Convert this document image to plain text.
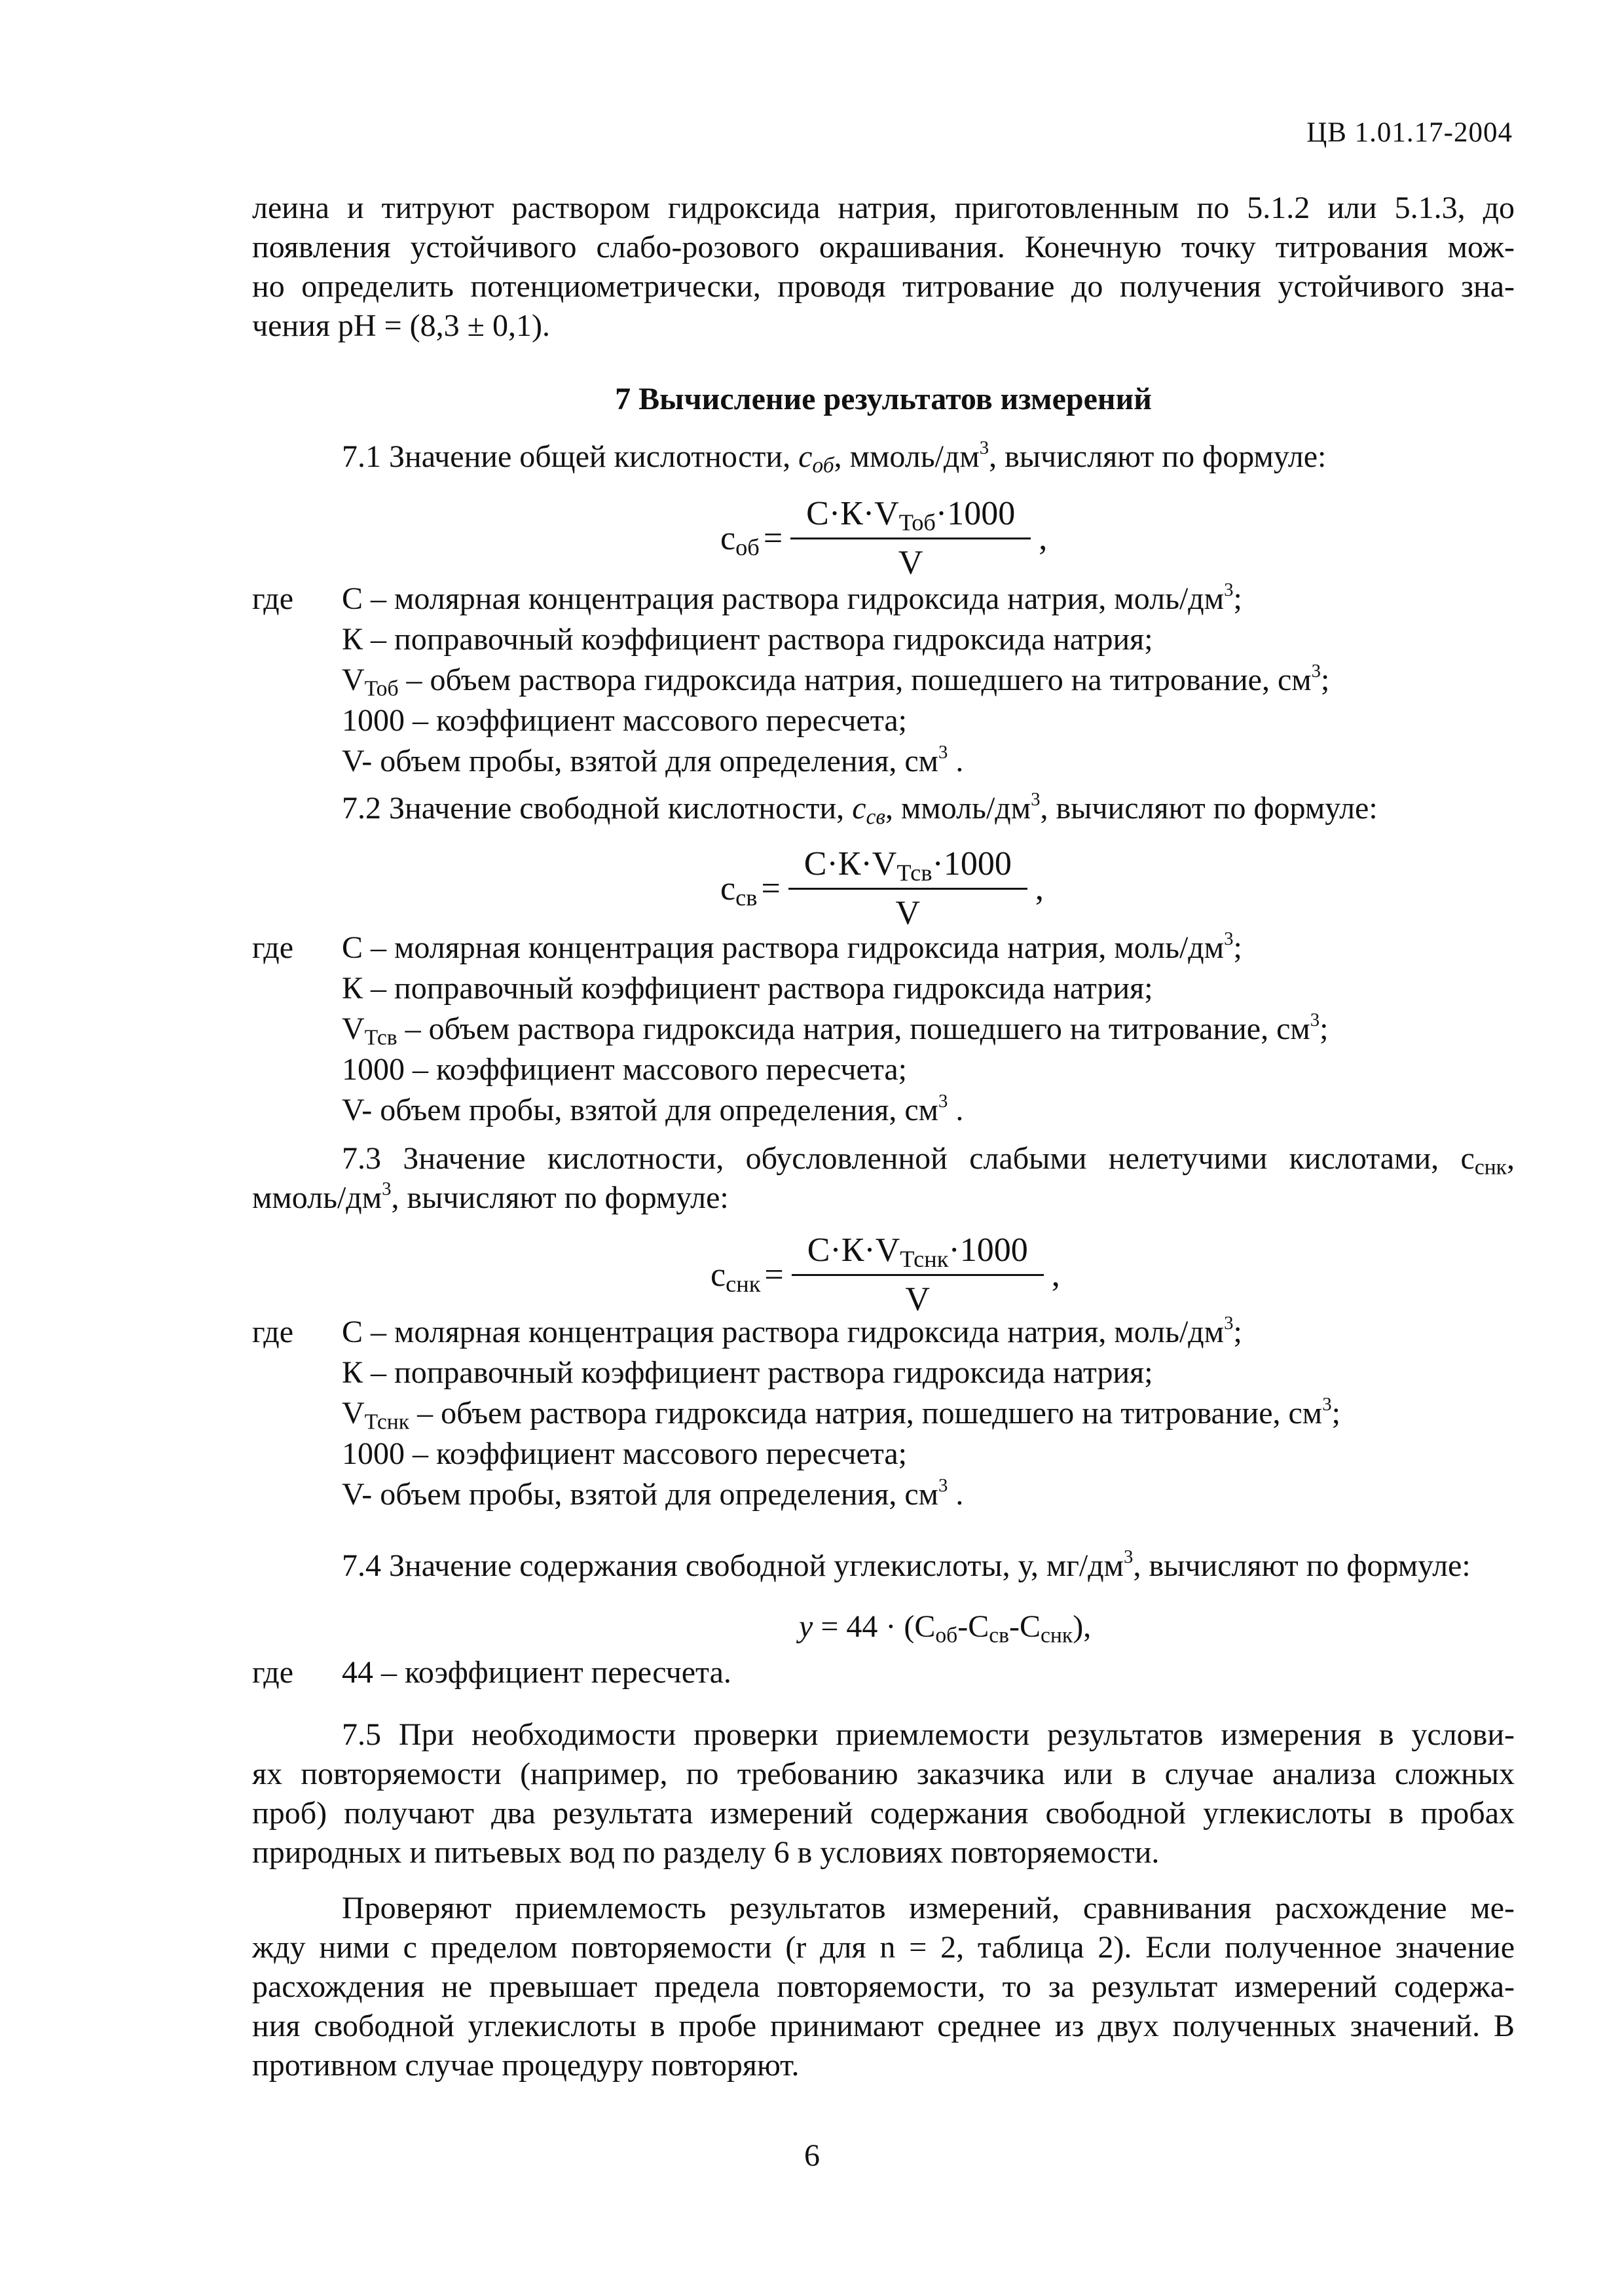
ЦВ 1.01.17-2004
леина и титруют раствором гидроксида натрия, приготовленным по 5.1.2 или 5.1.3, до
появления устойчивого слабо-розового окрашивания. Конечную точку титрования мож-
но определить потенциометрически, проводя титрование до получения устойчивого зна-
чения рН = (8,3 ± 0,1).
7 Вычисление результатов измерений
7.1 Значение общей кислотности, $с_{об}$, ммоль/$дм^3$, вычисляют по формуле:
$с_{об} = \frac{С\cdot К\cdot V_{Тоб}\cdot 1000}{V}$ ,
где С – молярная концентрация раствора гидроксида натрия, моль/$дм^3$;

К – поправочный коэффициент раствора гидроксида натрия;

$V_{Тоб}$ – объем раствора гидроксида натрия, пошедшего на титрование, $см^3$;

1000 – коэффициент массового пересчета;

V- объем пробы, взятой для определения, $см^3$ .

7.2 Значение свободной кислотности, $с_{св}$, ммоль/$дм^3$, вычисляют по формуле:
$с_{св} = \frac{С\cdot К\cdot V_{Тсв}\cdot 1000}{V}$ ,
где С – молярная концентрация раствора гидроксида натрия, моль/$дм^3$;

К – поправочный коэффициент раствора гидроксида натрия;

$V_{Тсв}$ – объем раствора гидроксида натрия, пошедшего на титрование, $см^3$;

1000 – коэффициент массового пересчета;

V- объем пробы, взятой для определения, $см^3$ .

7.3 Значение кислотности, обусловленной слабыми нелетучими кислотами, $с_{снк}$,
ммоль/$дм^3$, вычисляют по формуле:
$с_{снк} = \frac{С\cdot К\cdot V_{Тснк}\cdot 1000}{V}$ ,
где С – молярная концентрация раствора гидроксида натрия, моль/$дм^3$;

К – поправочный коэффициент раствора гидроксида натрия;

$V_{Тснк}$ – объем раствора гидроксида натрия, пошедшего на титрование, $см^3$;

1000 – коэффициент массового пересчета;

V- объем пробы, взятой для определения, $см^3$ .

7.4 Значение содержания свободной углекислоты, у, $мг/дм^3$, вычисляют по формуле:
$у = 44 \cdot (С_{об}-С_{св}-С_{снк})$,
где 44 – коэффициент пересчета.
7.5 При необходимости проверки приемлемости результатов измерения в услови-
ях повторяемости (например, по требованию заказчика или в случае анализа сложных
проб) получают два результата измерений содержания свободной углекислоты в пробах
природных и питьевых вод по разделу 6 в условиях повторяемости.
Проверяют приемлемость результатов измерений, сравнивания расхождение ме-
жду ними с пределом повторяемости (r для n = 2, таблица 2). Если полученное значение
расхождения не превышает предела повторяемости, то за результат измерений содержа-
ния свободной углекислоты в пробе принимают среднее из двух полученных значений. В
противном случае процедуру повторяют.
6
